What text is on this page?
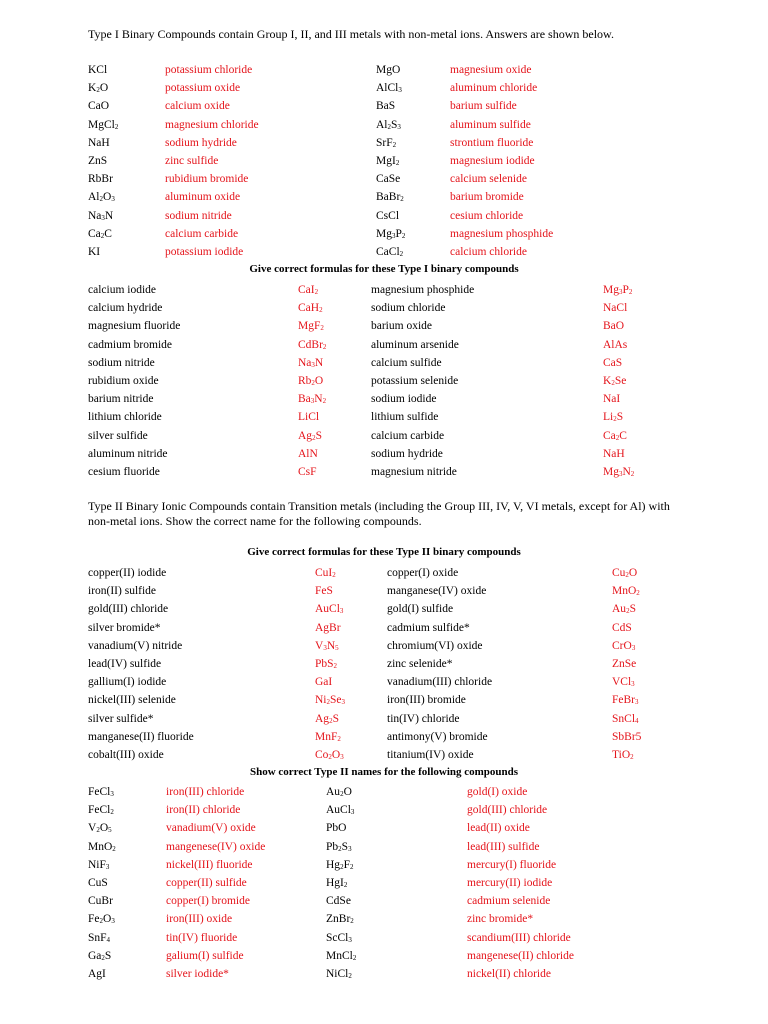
Type I Binary Compounds contain Group I, II, and III metals with non-metal ions. Answers are shown below.
KCl	potassium chloride	MgO	magnesium oxide
$K_2O$	potassium oxide	AlCl$_3$	aluminum chloride
CaO	calcium oxide	BaS	barium sulfide
MgCl$_2$	magnesium chloride	$Al_2S_3$	aluminum sulfide
NaH	sodium hydride	SrF$_2$	strontium fluoride
ZnS	zinc sulfide	MgI$_2$	magnesium iodide
RbBr	rubidium bromide	CaSe	calcium selenide
$Al_2O_3$	aluminum oxide	BaBr$_2$	barium bromide
$Na_3N$	sodium nitride	CsCl	cesium chloride
$Ca_2C$	calcium carbide	$Mg_3P_2$	magnesium phosphide
KI	potassium iodide	CaCl$_2$	calcium chloride
Give correct formulas for these Type I binary compounds
calcium iodide	CaI$_2$	magnesium phosphide	$Mg_3P_2$
calcium hydride	CaH$_2$	sodium chloride	NaCl
magnesium fluoride	MgF$_2$	barium oxide	BaO
cadmium bromide	CdBr$_2$	aluminum arsenide	AlAs
sodium nitride	$Na_3N$	calcium sulfide	CaS
rubidium oxide	$Rb_2O$	potassium selenide	$K_2Se$
barium nitride	$Ba_3N_2$	sodium iodide	NaI
lithium chloride	LiCl	lithium sulfide	$Li_2S$
silver sulfide	$Ag_2S$	calcium carbide	$Ca_2C$
aluminum nitride	AlN	sodium hydride	NaH
cesium fluoride	CsF	magnesium nitride	$Mg_3N_2$
Type II Binary Ionic Compounds contain Transition metals (including the Group III, IV, V, VI metals, except for Al) with non-metal ions. Show the correct name for the following compounds.
Give correct formulas for these Type II binary compounds
copper(II) iodide	CuI$_2$	copper(I) oxide	$Cu_2O$
iron(II) sulfide	FeS	manganese(IV) oxide	MnO$_2$
gold(III) chloride	AuCl$_3$	gold(I) sulfide	$Au_2S$
silver bromide*	AgBr	cadmium sulfide*	CdS
vanadium(V) nitride	$V_3N_5$	chromium(VI) oxide	CrO$_3$
lead(IV) sulfide	PbS$_2$	zinc selenide*	ZnSe
gallium(I) iodide	GaI	vanadium(III) chloride	VCl$_3$
nickel(III) selenide	$Ni_2Se_3$	iron(III) bromide	FeBr$_3$
silver sulfide*	$Ag_2S$	tin(IV) chloride	SnCl$_4$
manganese(II) fluoride	MnF$_2$	antimony(V) bromide	SbBr5
cobalt(III) oxide	$Co_2O_3$	titanium(IV) oxide	TiO$_2$
Show correct Type II names for the following compounds
FeCl$_3$	iron(III) chloride	$Au_2O$	gold(I) oxide
FeCl$_2$	iron(II) chloride	AuCl$_3$	gold(III) chloride
$V_2O_5$	vanadium(V) oxide	PbO	lead(II) oxide
MnO$_2$	mangenese(IV) oxide	$Pb_2S_3$	lead(III) sulfide
NiF$_3$	nickel(III) fluoride	$Hg_2F_2$	mercury(I) fluoride
CuS	copper(II) sulfide	HgI$_2$	mercury(II) iodide
CuBr	copper(I) bromide	CdSe	cadmium selenide
$Fe_2O_3$	iron(III) oxide	ZnBr$_2$	zinc bromide*
SnF$_4$	tin(IV) fluoride	ScCl$_3$	scandium(III) chloride
$Ga_2S$	galium(I) sulfide	MnCl$_2$	mangenese(II) chloride
AgI	silver iodide*	NiCl$_2$	nickel(II) chloride
